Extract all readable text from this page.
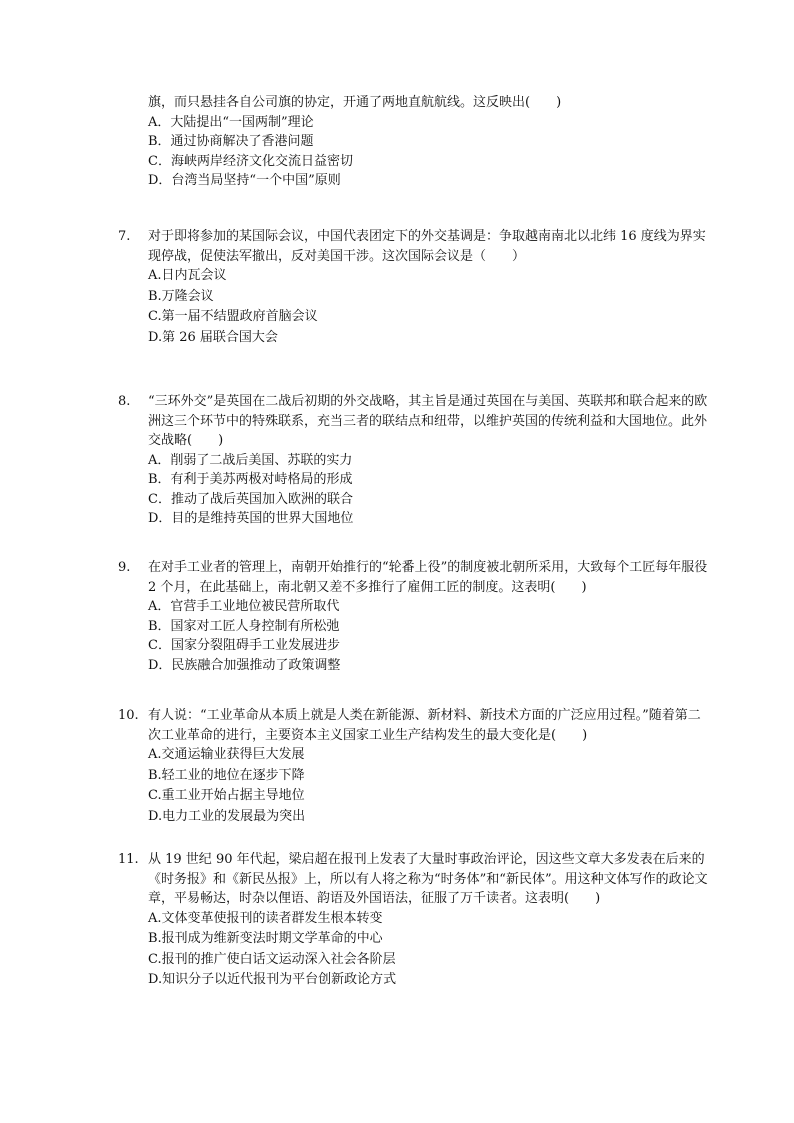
旗，而只悬挂各自公司旗的协定，开通了两地直航航线。这反映出(　　)
A．大陆提出“一国两制”理论
B．通过协商解决了香港问题
C．海峡两岸经济文化交流日益密切
D．台湾当局坚持“一个中国”原则
7. 对于即将参加的某国际会议，中国代表团定下的外交基调是：争取越南南北以北纬 16 度线为界实现停战，促使法军撤出，反对美国干涉。这次国际会议是（　　）
A.日内瓦会议
B.万隆会议
C.第一届不结盟政府首脑会议
D.第 26 届联合国大会
8. “三环外交”是英国在二战后初期的外交战略，其主旨是通过英国在与美国、英联邦和联合起来的欧洲这三个环节中的特殊联系，充当三者的联结点和纽带，以维护英国的传统利益和大国地位。此外交战略(　　)
A．削弱了二战后美国、苏联的实力
B．有利于美苏两极对峙格局的形成
C．推动了战后英国加入欧洲的联合
D．目的是维持英国的世界大国地位
9. 在对手工业者的管理上，南朝开始推行的“轮番上役”的制度被北朝所采用，大致每个工匠每年服役 2 个月，在此基础上，南北朝又差不多推行了雇佣工匠的制度。这表明(　　)
A．官营手工业地位被民营所取代
B．国家对工匠人身控制有所松弛
C．国家分裂阻碍手工业发展进步
D．民族融合加强推动了政策调整
10. 有人说：“工业革命从本质上就是人类在新能源、新材料、新技术方面的广泛应用过程。”随着第二次工业革命的进行，主要资本主义国家工业生产结构发生的最大变化是(　　)
A.交通运输业获得巨大发展
B.轻工业的地位在逐步下降
C.重工业开始占据主导地位
D.电力工业的发展最为突出
11. 从 19 世纪 90 年代起，梁启超在报刊上发表了大量时事政治评论，因这些文章大多发表在后来的《时务报》和《新民丛报》上，所以有人将之称为“时务体”和“新民体”。用这种文体写作的政论文章，平易畅达，时杂以俚语、韵语及外国语法，征服了万千读者。这表明(　　)
A.文体变革使报刊的读者群发生根本转变
B.报刊成为维新变法时期文学革命的中心
C.报刊的推广使白话文运动深入社会各阶层
D.知识分子以近代报刊为平台创新政论方式
